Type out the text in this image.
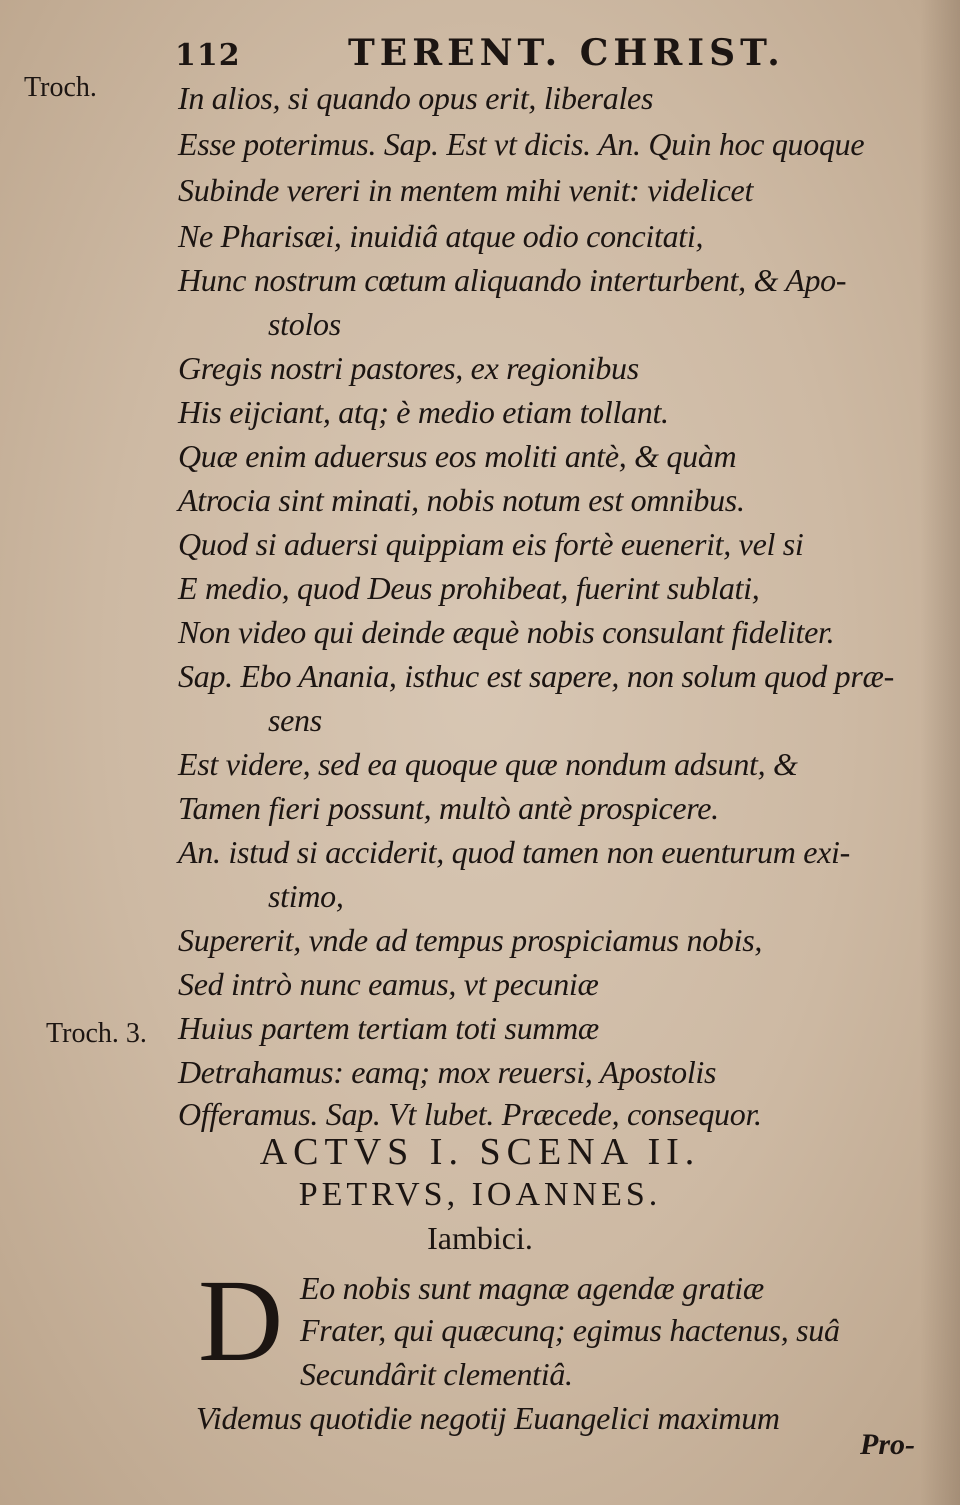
112	TERENT. CHRIST.
Troch.
Troch. 3.
In alios, si quando opus erit, liberales
Esse poterimus. Sap. Est vt dicis. An. Quin hoc quoque
Subinde vereri in mentem mihi venit: videlicet
Ne Pharisæi, inuidiâ atque odio concitati,
Hunc nostrum cœtum aliquando interturbent, & Apo-
stolos
Gregis nostri pastores, ex regionibus
His eijciant, atq; è medio etiam tollant.
Quæ enim aduersus eos moliti antè, & quàm
Atrocia sint minati, nobis notum est omnibus.
Quod si aduersi quippiam eis fortè euenerit, vel si
E medio, quod Deus prohibeat, fuerint sublati,
Non video qui deinde æquè nobis consulant fideliter.
Sap. Ebo Anania, isthuc est sapere, non solum quod præ-
sens
Est videre, sed ea quoque quæ nondum adsunt, &
Tamen fieri possunt, multò antè prospicere.
An. istud si acciderit, quod tamen non euenturum exi-
stimo,
Supererit, vnde ad tempus prospiciamus nobis,
Sed intrò nunc eamus, vt pecuniæ
Huius partem tertiam toti summæ
Detrahamus: eamq; mox reuersi, Apostolis
Offeramus. Sap. Vt lubet. Præcede, consequor.
ACTVS I. SCENA II.
PETRVS, IOANNES.
Iambici.
D Eo nobis sunt magnæ agendæ gratiæ
Frater, qui quæcunq; egimus hactenus, suâ
Secundârit clementiâ.
Videmus quotidie negotij Euangelici maximum
Pro-
